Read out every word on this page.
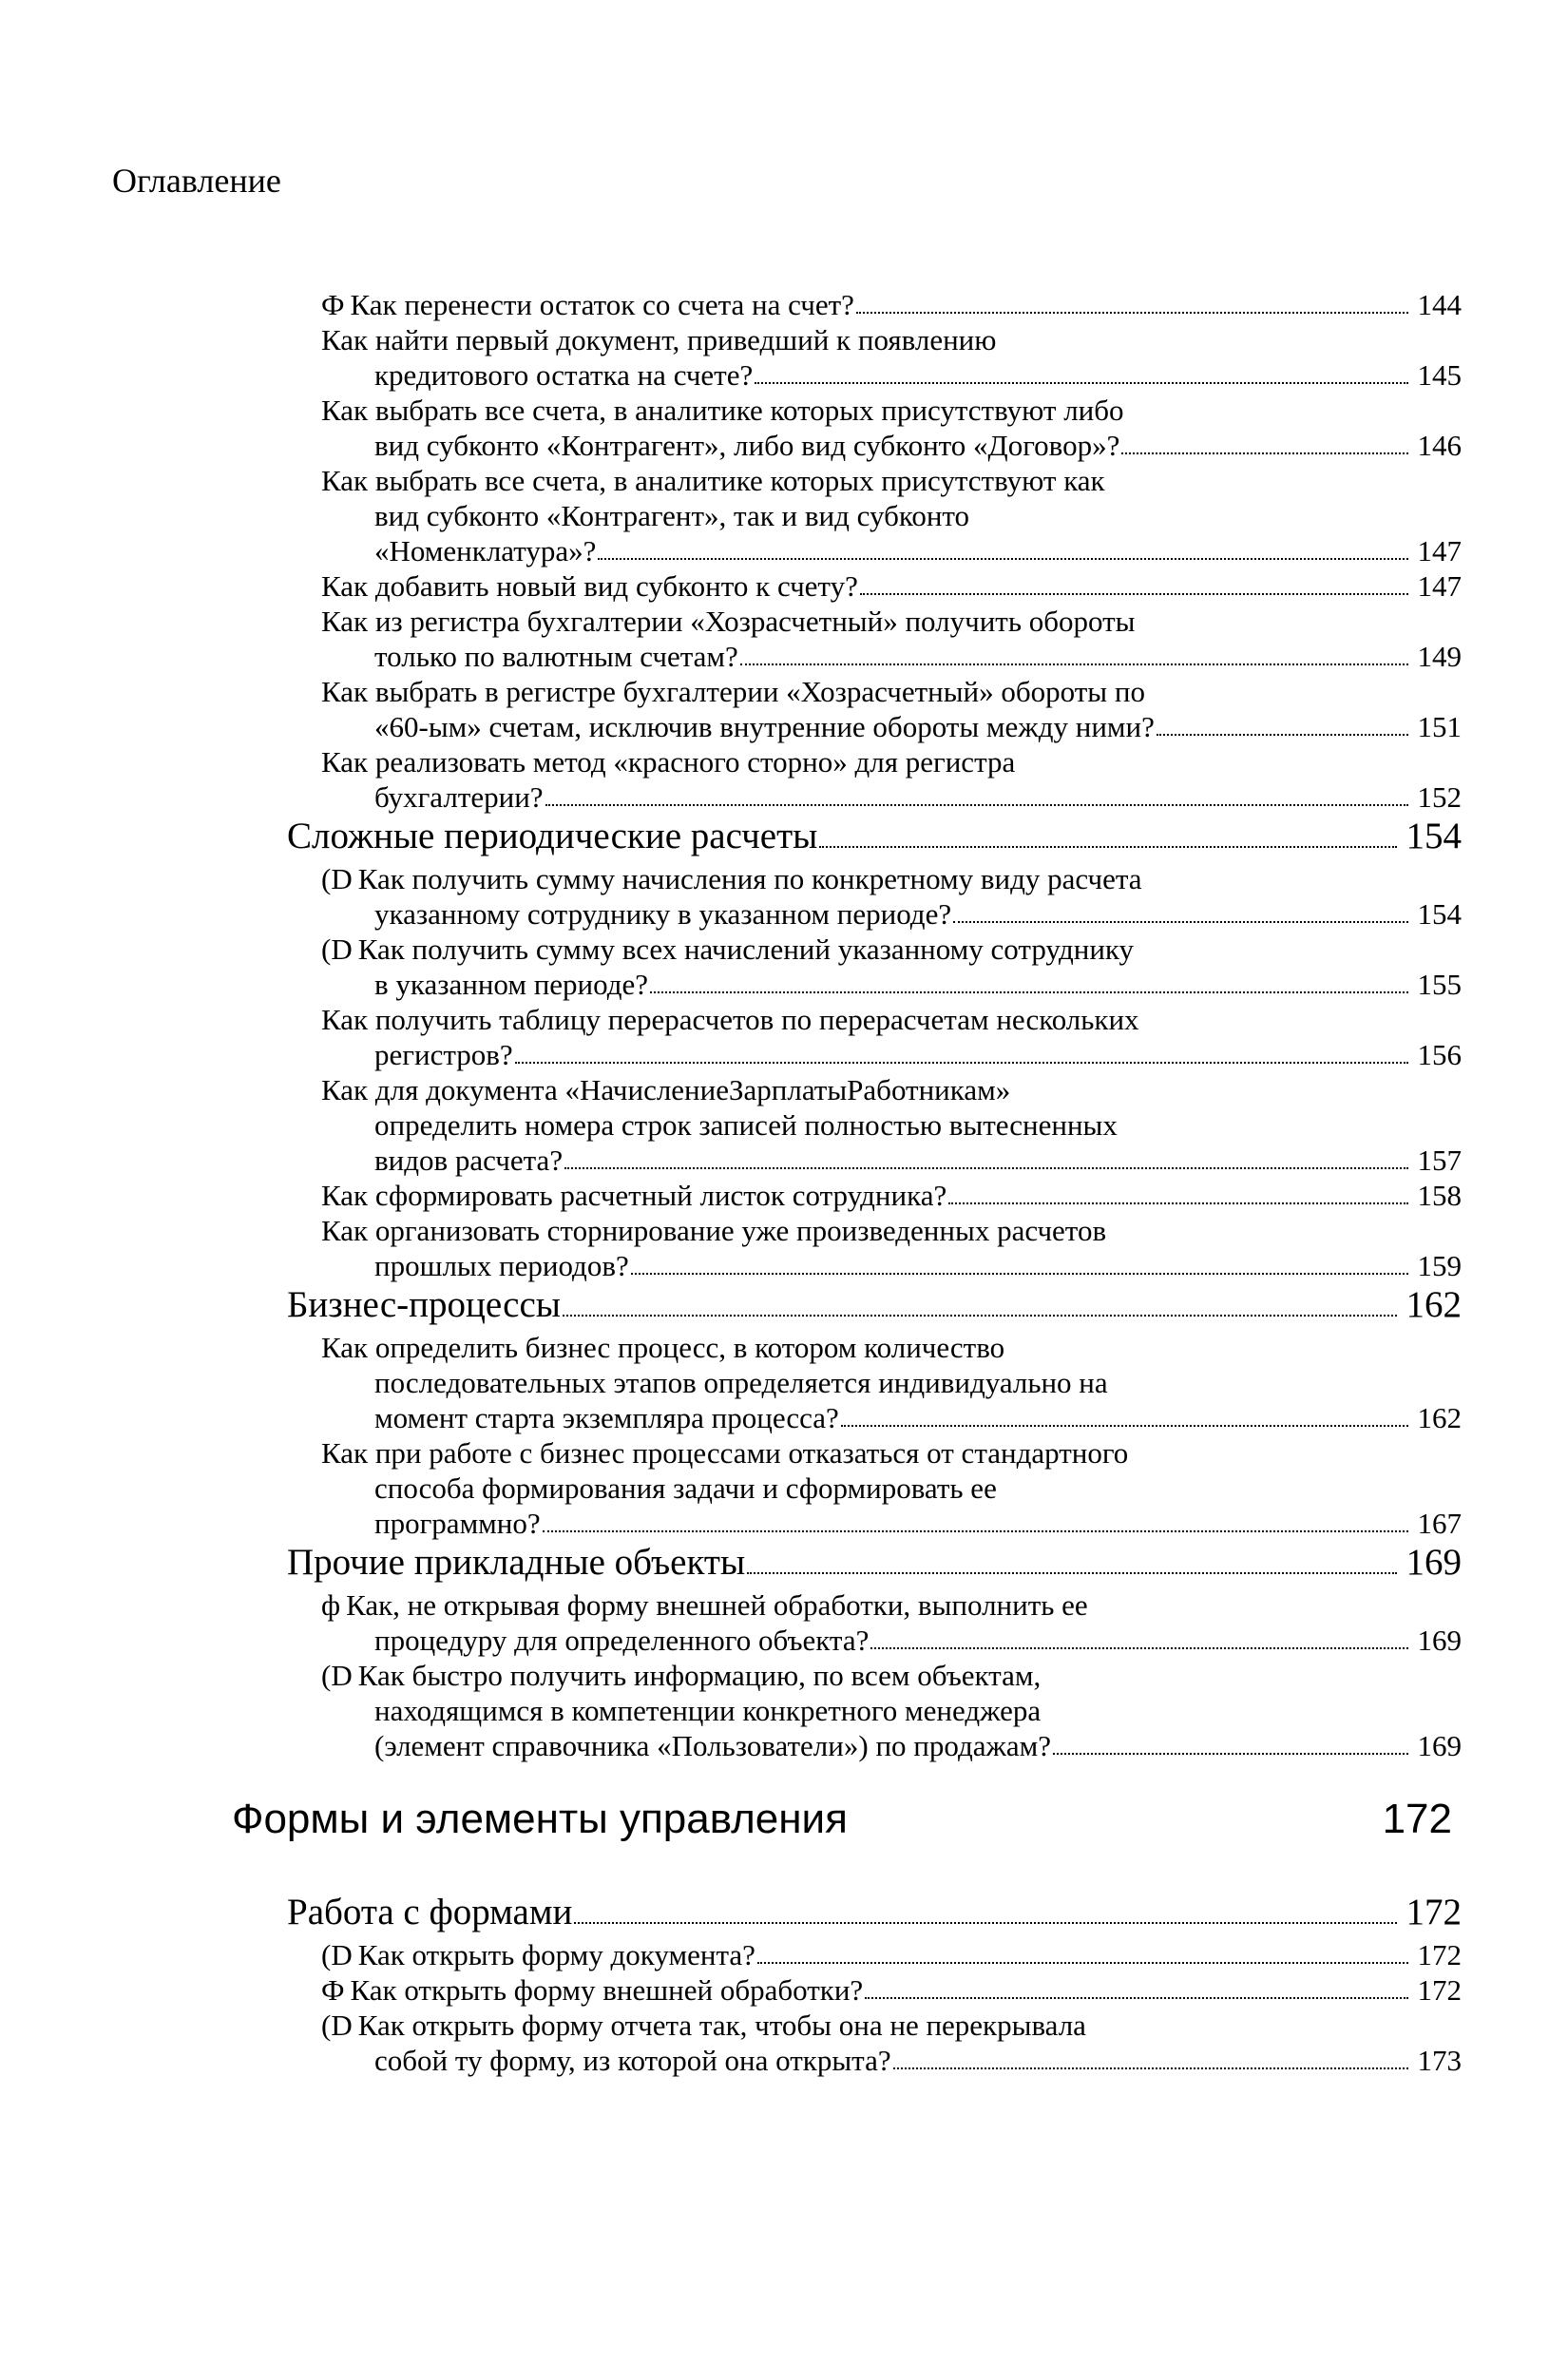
Оглавление
Ф Как перенести остаток со счета на счет?	144
Как найти первый документ, приведший к появлению
кредитового остатка на счете?	145
Как выбрать все счета, в аналитике которых присутствуют либо
вид субконто «Контрагент», либо вид субконто «Договор»?	146
Как выбрать все счета, в аналитике которых присутствуют как
вид субконто «Контрагент», так и вид субконто
«Номенклатура»?	147
Как добавить новый вид субконто к счету?	147
Как из регистра бухгалтерии «Хозрасчетный» получить обороты
только по валютным счетам?	149
Как выбрать в регистре бухгалтерии «Хозрасчетный» обороты по
«60-ым» счетам, исключив внутренние обороты между ними?	151
Как реализовать метод «красного сторно» для регистра
бухгалтерии?	152
Сложные периодические расчеты	154
(D Как получить сумму начисления по конкретному виду расчета
указанному сотруднику в указанном периоде?	154
(D Как получить сумму всех начислений указанному сотруднику
в указанном периоде?	155
Как получить таблицу перерасчетов по перерасчетам нескольких
регистров?	156
Как для документа «НачислениеЗарплатыРаботникам»
определить номера строк записей полностью вытесненных
видов расчета?	157
Как сформировать расчетный листок сотрудника?	158
Как организовать сторнирование уже произведенных расчетов
прошлых периодов?	159
Бизнес-процессы	162
Как определить бизнес процесс, в котором количество
последовательных этапов определяется индивидуально на
момент старта экземпляра процесса?	162
Как при работе с бизнес процессами отказаться от стандартного
способа формирования задачи и сформировать ее
программно?	167
Прочие прикладные объекты	169
ф Как, не открывая форму внешней обработки, выполнить ее
процедуру для определенного объекта?	169
(D Как быстро получить информацию, по всем объектам,
находящимся в компетенции конкретного менеджера
(элемент справочника «Пользователи») по продажам?	169
Формы и элементы управления	172
Работа с формами	172
(D Как открыть форму документа?	172
Ф Как открыть форму внешней обработки?	172
(D Как открыть форму отчета так, чтобы она не перекрывала
собой ту форму, из которой она открыта?	173
